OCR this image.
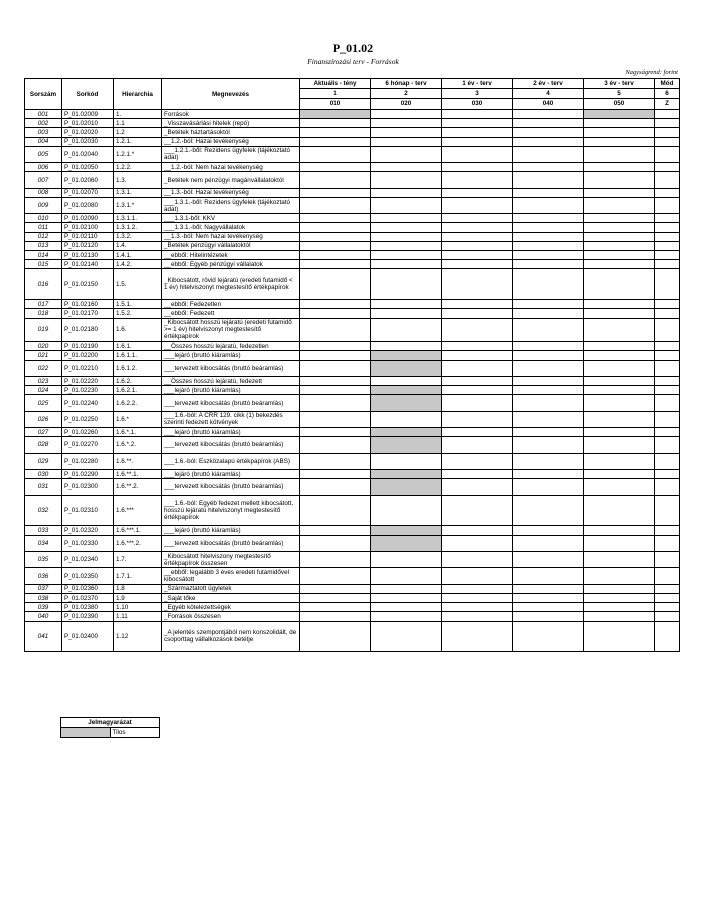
P_01.02
Finanszírozási terv - Források
Nagyságrend: forint
Sorszám	Sorkód	Hierarchia	Megnevezés	Aktuális - tény	6 hónap - terv	1 év - terv	2 év - terv	3 év - terv	Mód
				1	2	3	4	5	6
				010	020	030	040	050	Z
001	P_01.02009	1.	Források						
002	P_01.02010	1.1	_Visszavásárlási hitelek (repó)						
003	P_01.02020	1.2	_Betétek háztartásoktól						
004	P_01.02030	1.2.1.	__1.2.-ból: Hazai tevékenység						
005	P_01.02040	1.2.1.*	___1.2.1.-ből: Rezidens ügyfelek (tájékoztató adat)						
006	P_01.02050	1.2.2.	__1.2.-ból: Nem hazai tevékenység						
007	P_01.02060	1.3.	_Betétek nem pénzügyi magánvállalatoktól						
008	P_01.02070	1.3.1.	__1.3.-ból: Hazai tevékenység						
009	P_01.02080	1.3.1.*	___1.3.1.-ből: Rezidens ügyfelek (tájékoztató adat)						
010	P_01.02090	1.3.1.1.	___1.3.1-ből: KKV						
011	P_01.02100	1.3.1.2.	___1.3.1.-ből: Nagyvállalatok						
012	P_01.02110	1.3.2.	__1.3.-ból: Nem hazai tevékenység						
013	P_01.02120	1.4.	_Betétek pénzügyi vállalatoktól						
014	P_01.02130	1.4.1.	__ebből: Hitelintézetek						
015	P_01.02140	1.4.2.	__ebből: Egyéb pénzügyi vállalatok						
016	P_01.02150	1.5.	_Kibocsátott, rövid lejáratú (eredeti futamidő < 1 év) hitelviszonyt megtestesítő értékpapírok						
017	P_01.02160	1.5.1.	__ebből: Fedezetlen						
018	P_01.02170	1.5.2.	__ebből: Fedezett						
019	P_01.02180	1.6.	_Kibocsátott hosszú lejáratú (eredeti futamidő >= 1 év) hitelviszonyt megtestesítő értékpapírok						
020	P_01.02190	1.6.1.	__Összes hosszú lejáratú, fedezetlen						
021	P_01.02200	1.6.1.1.	___lejáró (bruttó kiáramlás)						
022	P_01.02210	1.6.1.2.	___tervezett kibocsátás (bruttó beáramlás)						
023	P_01.02220	1.6.2.	__Összes hosszú lejáratú, fedezett						
024	P_01.02230	1.6.2.1.	___lejáró (bruttó kiáramlás)						
025	P_01.02240	1.6.2.2.	___tervezett kibocsátás (bruttó beáramlás)						
026	P_01.02250	1.6.*	___1.6.-ból: A CRR 129. cikk (1) bekezdés szerinti fedezett kötvények						
027	P_01.02260	1.6.*.1.	___lejáró (bruttó kiáramlás)						
028	P_01.02270	1.6.*.2.	___tervezett kibocsátás (bruttó beáramlás)						
029	P_01.02280	1.6.**.	___1.6.-ból: Eszközalapú értékpapírok (ABS)						
030	P_01.02290	1.6.**.1.	___lejáró (bruttó kiáramlás)						
031	P_01.02300	1.6.**.2.	___tervezett kibocsátás (bruttó beáramlás)						
032	P_01.02310	1.6.***	___1.6.-ból: Egyéb fedezet mellett kibocsátott, hosszú lejáratú hitelviszonyt megtestesítő értékpapírok						
033	P_01.02320	1.6.***.1.	___lejáró (bruttó kiáramlás)						
034	P_01.02330	1.6.***.2.	___tervezett kibocsátás (bruttó beáramlás)						
035	P_01.02340	1.7.	_Kibocsátott hitelviszony megtestesítő értékpapírok összesen						
036	P_01.02350	1.7.1.	__ebből: legalább 3 éves eredeti futamidővel kibocsátott						
037	P_01.02360	1.8	_Származtatott ügyletek						
038	P_01.02370	1.9	_Saját tőke						
039	P_01.02380	1.10	_Egyéb kötelezettségek						
040	P_01.02390	1.11	_Források összesen						
041	P_01.02400	1.12	_A jelentés szempontjából nem konszolidált, de csoporttag vállalkozások betétje						
Jelmagyarázat
	Tilos
